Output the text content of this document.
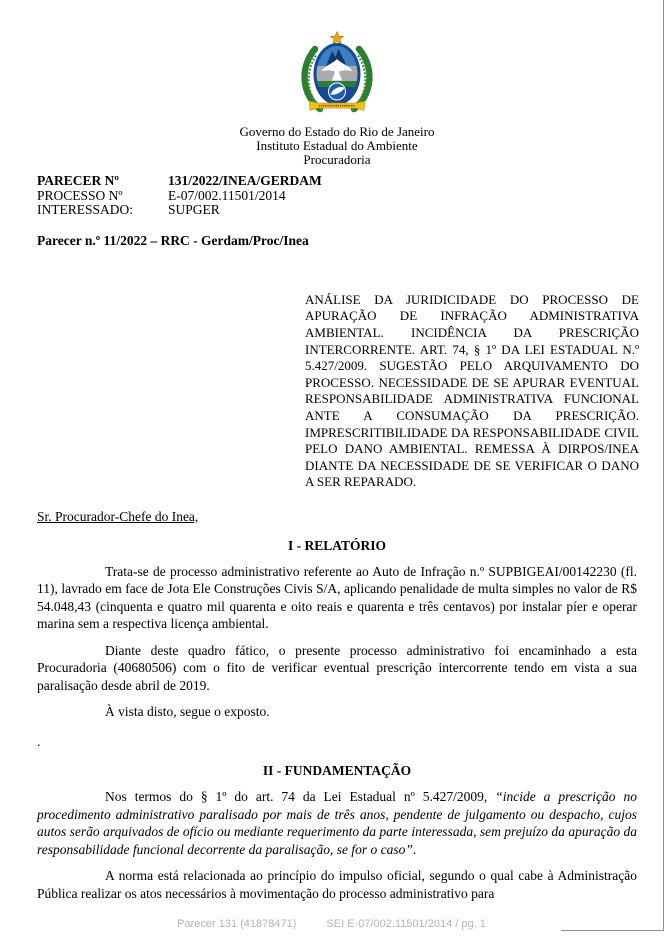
Governo do Estado do Rio de Janeiro
Instituto Estadual do Ambiente
Procuradoria
PARECER Nº	131/2022/INEA/GERDAM
PROCESSO Nº	E-07/002.11501/2014
INTERESSADO:	SUPGER
Parecer n.º 11/2022 – RRC - Gerdam/Proc/Inea
ANÁLISE DA JURIDICIDADE DO PROCESSO DE APURAÇÃO DE INFRAÇÃO ADMINISTRATIVA AMBIENTAL. INCIDÊNCIA DA PRESCRIÇÃO INTERCORRENTE. ART. 74, § 1º DA LEI ESTADUAL N.º 5.427/2009. SUGESTÃO PELO ARQUIVAMENTO DO PROCESSO. NECESSIDADE DE SE APURAR EVENTUAL RESPONSABILIDADE ADMINISTRATIVA FUNCIONAL ANTE A CONSUMAÇÃO DA PRESCRIÇÃO. IMPRESCRITIBILIDADE DA RESPONSABILIDADE CIVIL PELO DANO AMBIENTAL. REMESSA À DIRPOS/INEA DIANTE DA NECESSIDADE DE SE VERIFICAR O DANO A SER REPARADO.
Sr. Procurador-Chefe do Inea,
I - RELATÓRIO

Trata-se de processo administrativo referente ao Auto de Infração n.º SUPBIGEAI/00142230 (fl. 11), lavrado em face de Jota Ele Construções Civis S/A, aplicando penalidade de multa simples no valor de R$ 54.048,43 (cinquenta e quatro mil quarenta e oito reais e quarenta e três centavos) por instalar píer e operar marina sem a respectiva licença ambiental.

Diante deste quadro fático, o presente processo administrativo foi encaminhado a esta Procuradoria (40680506) com o fito de verificar eventual prescrição intercorrente tendo em vista a sua paralisação desde abril de 2019.

À vista disto, segue o exposto.

.
II - FUNDAMENTAÇÃO

Nos termos do § 1º do art. 74 da Lei Estadual nº 5.427/2009, “incide a prescrição no procedimento administrativo paralisado por mais de três anos, pendente de julgamento ou despacho, cujos autos serão arquivados de ofício ou mediante requerimento da parte interessada, sem prejuízo da apuração da responsabilidade funcional decorrente da paralisação, se for o caso”.

A norma está relacionada ao princípio do impulso oficial, segundo o qual cabe à Administração Pública realizar os atos necessários à movimentação do processo administrativo para

Parecer 131 (41878471)	SEI E-07/002.11501/2014 / pg. 1
